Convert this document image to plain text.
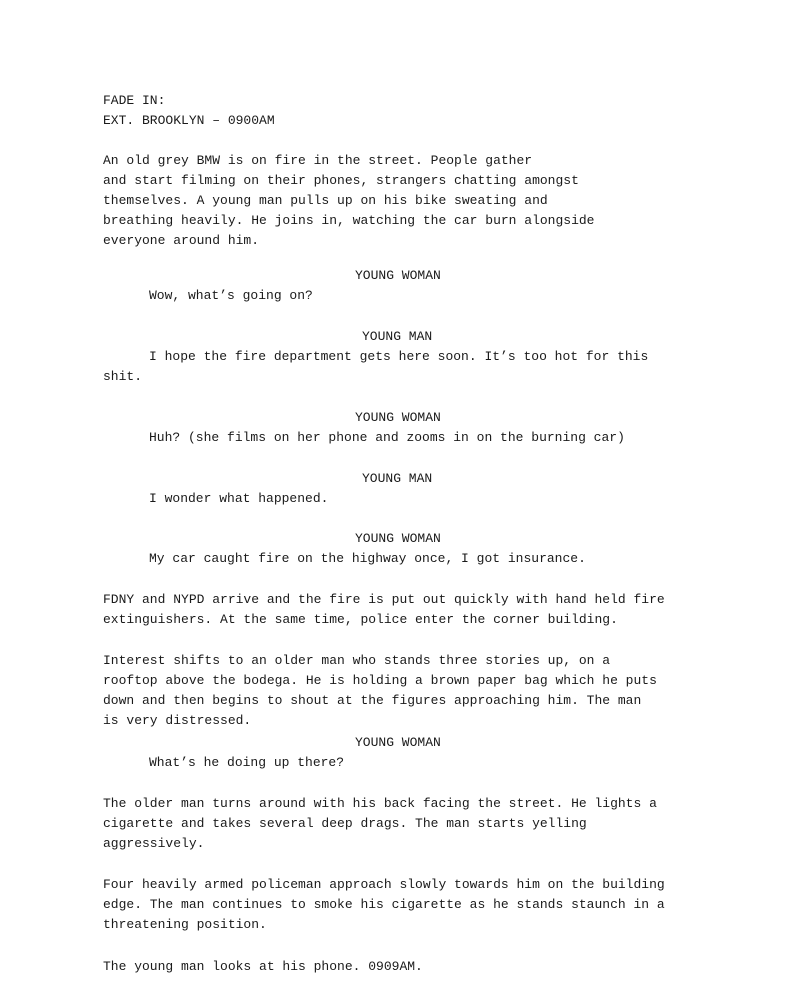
FADE IN:
EXT. BROOKLYN – 0900AM
An old grey BMW is on fire in the street. People gather
and start filming on their phones, strangers chatting amongst
themselves. A young man pulls up on his bike sweating and
breathing heavily. He joins in, watching the car burn alongside
everyone around him.
YOUNG WOMAN
Wow, what’s going on?
YOUNG MAN
I hope the fire department gets here soon. It’s too hot for this
shit.
YOUNG WOMAN
Huh? (she films on her phone and zooms in on the burning car)
YOUNG MAN
I wonder what happened.
YOUNG WOMAN
My car caught fire on the highway once, I got insurance.
FDNY and NYPD arrive and the fire is put out quickly with hand held fire
extinguishers. At the same time, police enter the corner building.
Interest shifts to an older man who stands three stories up, on a
rooftop above the bodega. He is holding a brown paper bag which he puts
down and then begins to shout at the figures approaching him. The man
is very distressed.
YOUNG WOMAN
What’s he doing up there?
The older man turns around with his back facing the street. He lights a
cigarette and takes several deep drags. The man starts yelling
aggressively.
Four heavily armed policeman approach slowly towards him on the building
edge. The man continues to smoke his cigarette as he stands staunch in a
threatening position.
The young man looks at his phone. 0909AM.
